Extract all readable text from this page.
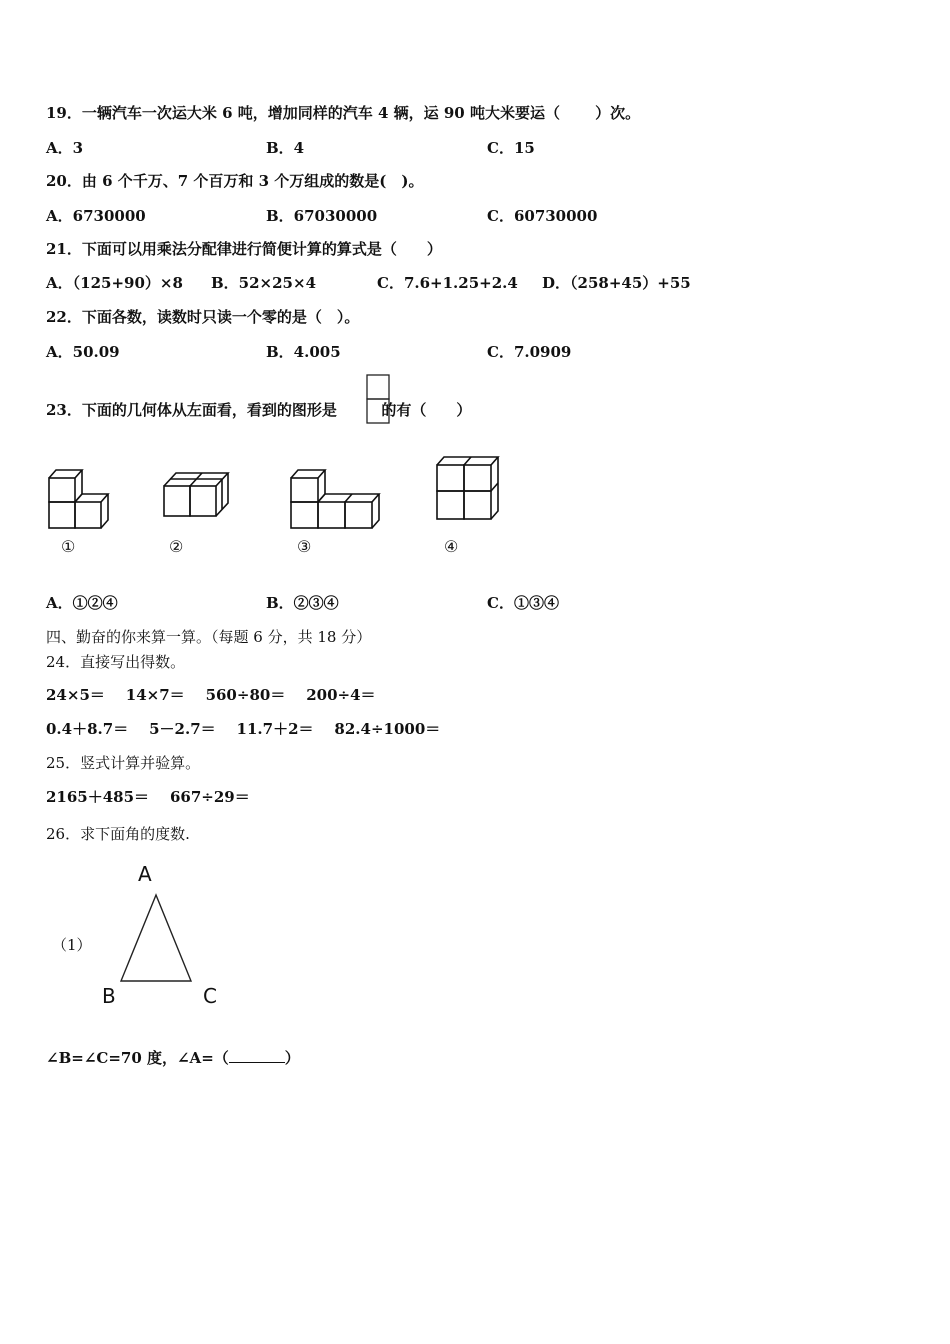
19．一辆汽车一次运大米 6 吨，增加同样的汽车 4 辆，运 90 吨大米要运（　　 ）次。
A．3	B．4	C．15
20．由 6 个千万、7 个百万和 3 个万组成的数是(　)。
A．6730000	B．67030000	C．60730000
21．下面可以用乘法分配律进行简便计算的算式是（　　）
A．（125+90）×8 B．52×25×4	C．7.6+1.25+2.4 D．（258+45）+55
22．下面各数，读数时只读一个零的是（　）。
A．50.09	B．4.005	C．7.0909
23．下面的几何体从左面看，看到的图形是	的有（　　）
①	②	③	④
A．①②④	B．②③④	C．①③④
四、勤奋的你来算一算。（每题 6 分，共 18 分）
24．直接写出得数。
24×5＝ 14×7＝ 560÷80＝ 200÷4＝
0.4＋8.7＝ 5－2.7＝ 11.7＋2＝ 82.4÷1000＝
25．竖式计算并验算。
2165＋485＝ 667÷29＝
26．求下面角的度数.
（1）
A
B	C
∠B=∠C=70 度，∠A=（	）
